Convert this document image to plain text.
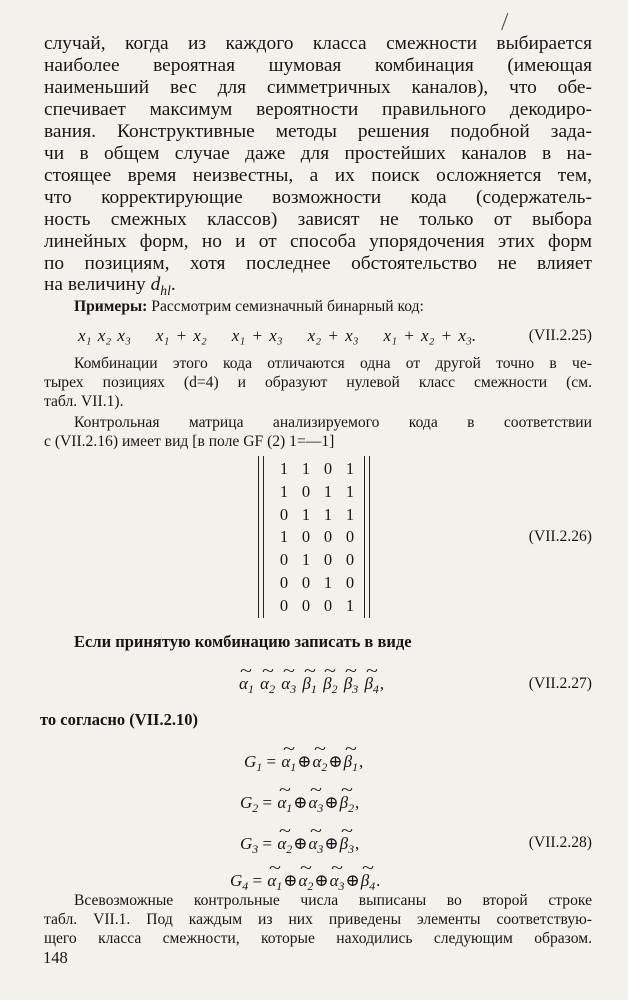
случай, когда из каждого класса смежности выбирается
наиболее вероятная шумовая комбинация (имеющая
наименьший вес для симметричных каналов), что обе-
спечивает максимум вероятности правильного декодиро-
вания. Конструктивные методы решения подобной зада-
чи в общем случае даже для простейших каналов в на-
стоящее время неизвестны, а их поиск осложняется тем,
что корректирующие возможности кода (содержатель-
ность смежных классов) зависят не только от выбора
линейных форм, но и от способа упорядочения этих форм
по позициям, хотя последнее обстоятельство не влияет
на величину $d_{hl}$.
Примеры: Рассмотрим семизначный бинарный код:
x₁ x₂ x₃ x₁ + x₂ x₁ + x₃ x₂ + x₃ x₁ + x₂ + x₃.	(VII.2.25)
Комбинации этого кода отличаются одна от другой точно в че-
тырех позициях (d=4) и образуют нулевой класс смежности (см.
табл. VII.1).
Контрольная матрица анализируемого кода в соответствии
с (VII.2.16) имеет вид [в поле GF (2) 1=—1]
1 1 0 1
1 0 1 1
0 1 1 1
1 0 0 0
0 1 0 0
0 0 1 0
0 0 0 1
(VII.2.26)
Если принятую комбинацию записать в виде
~ $\alpha_1$ ~ $\alpha_2$ ~ $\alpha_3$ ~ $\beta_1$ ~ $\beta_2$ ~ $\beta_3$ ~ $\beta_4$,	(VII.2.27)
то согласно (VII.2.10)
$G_1$ = ~ $\alpha_1\oplus\sim$ $\alpha_2\oplus\sim$ $\beta_1$,
$G_2$ = ~ $\alpha_1\oplus\sim$ $\alpha_3\oplus\sim$ $\beta_2$,
$G_3$ = ~ $\alpha_2\oplus\sim$ $\alpha_3\oplus\sim$ $\beta_3$,
$G_4$ = ~ $\alpha_1\oplus\sim$ $\alpha_2\oplus\sim$ $\alpha_3\oplus\sim$ $\beta_4$.
(VII.2.28)
Всевозможные контрольные числа выписаны во второй строке
табл. VII.1. Под каждым из них приведены элементы соответствую-
щего класса смежности, которые находились следующим образом.
148
